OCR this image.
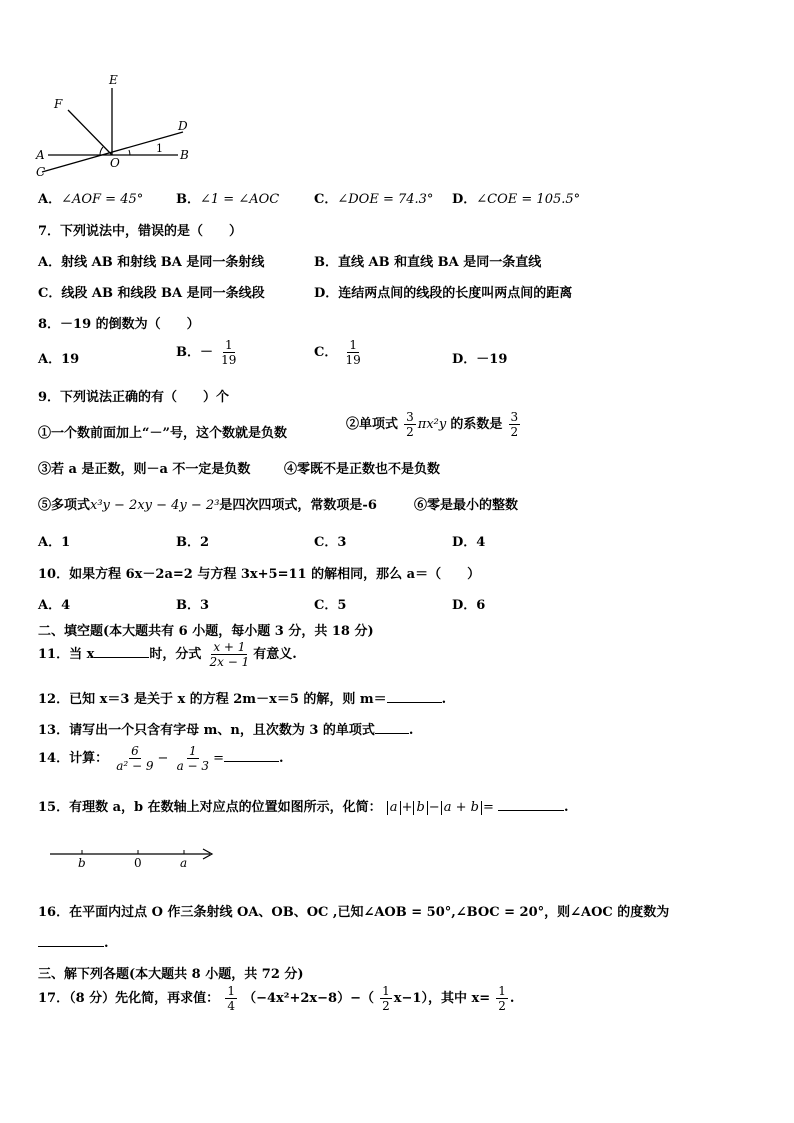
E
F
D
A
O
1 B
C
A．∠AOF = 45°	B．∠1 = ∠AOC	C．∠DOE = 74.3° D．∠COE = 105.5°
7．下列说法中，错误的是（　　）
A．射线 AB 和射线 BA 是同一条射线	B．直线 AB 和直线 BA 是同一条直线
C．线段 AB 和线段 BA 是同一条线段	D．连结两点间的线段的长度叫两点间的距离
8．－19 的倒数为（　　）
A．19	B．－ $\frac{1}{19}$	C． $\frac{1}{19}$	D．－19
9．下列说法正确的有（　　）个
①一个数前面加上“－”号，这个数就是负数
②单项式 $\frac{3}{2} \pi x^2y$ 的系数是 $\frac{3}{2}$
③若 a 是正数，则－a 不一定是负数	④零既不是正数也不是负数
⑤多项式x³y − 2xy − 4y − 2³是四次四项式，常数项是-6	⑥零是最小的整数
A．1	B．2	C．3	D．4
10．如果方程 6x－2a=2 与方程 3x+5=11 的解相同，那么 a＝（　　）
A．4	B．3	C．5	D．6
二、填空题(本大题共有 6 小题，每小题 3 分，共 18 分)
11．当 x	时，分式 $\frac{x + 1}{2x - 1}$ 有意义.
12．已知 x＝3 是关于 x 的方程 2m－x＝5 的解，则 m＝	.
13．请写出一个只含有字母 m、n，且次数为 3 的单项式	.
14．计算： $\frac{6}{\text{a² − 9}} - \frac{1}{a - 3}$ =	.
15．有理数 a，b 在数轴上对应点的位置如图所示，化简： a + b − a + b =	.
b	0	a
16．在平面内过点 O 作三条射线 OA、OB、OC ,已知∠AOB = 50°,∠BOC = 20°，则∠AOC 的度数为
.
三、解下列各题(本大题共 8 小题，共 72 分)
17．（8 分）先化简，再求值： $\frac{1}{4} (-4x^2+2x-8)-( \frac{1}{2} x-1)$，其中 $x= \frac{1}{2}$ .
